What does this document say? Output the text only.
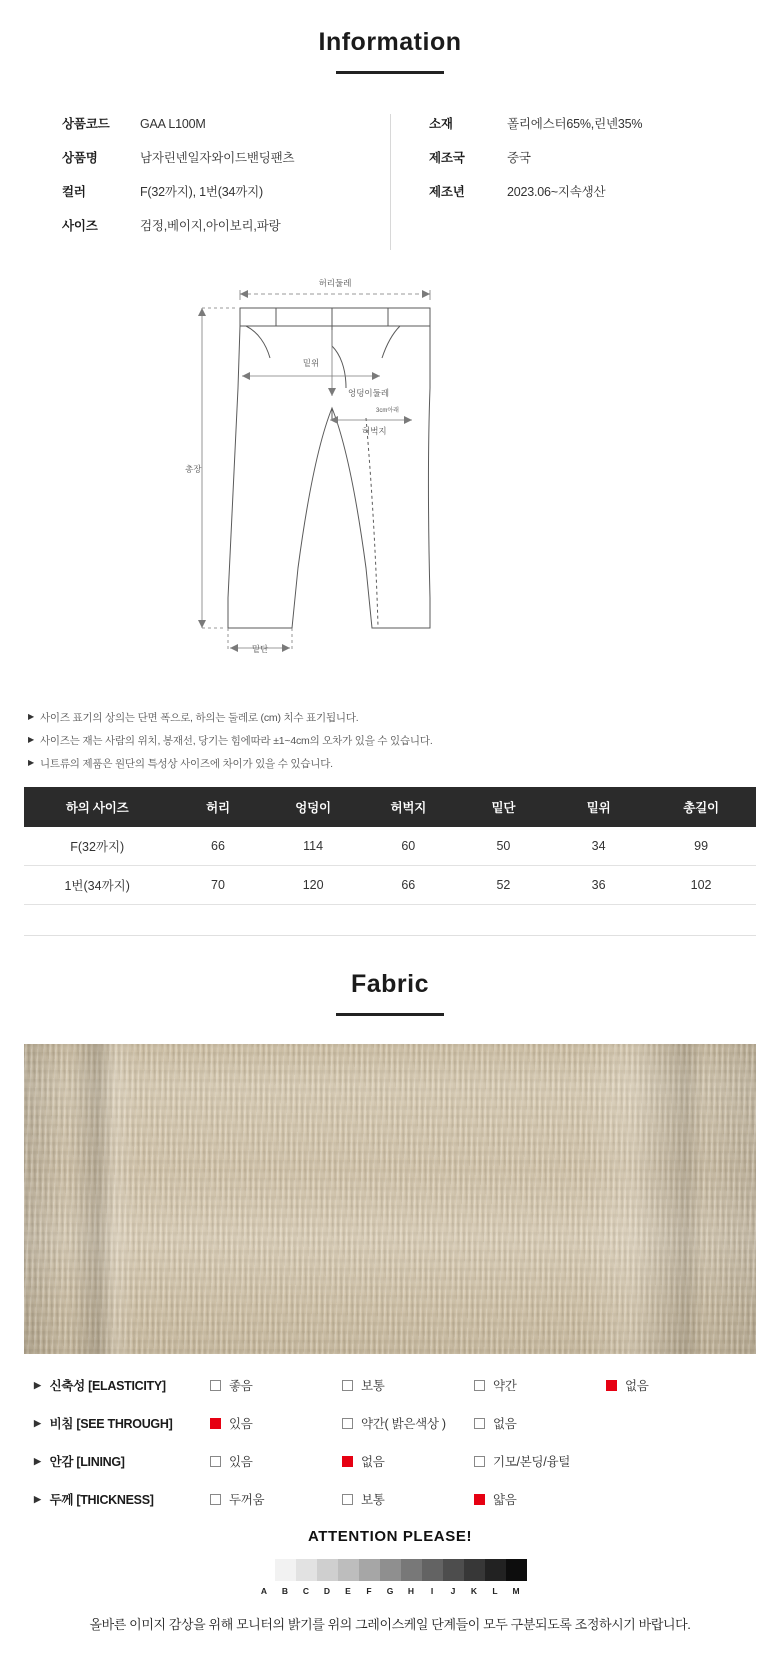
Information
상품코드	GAA L100M
상품명	남자린넨일자와이드밴딩팬츠
컬러	F(32까지), 1번(34까지)
사이즈	검정,베이지,아이보리,파랑
소재	폴리에스터65%,린넨35%
제조국	중국
제조년	2023.06~지속생산
허리둘레
밑위
엉덩이둘레
허벅지
3cm아래
총장
밑단
▶ 사이즈 표기의 상의는 단면 폭으로, 하의는 둘레로 (cm) 치수 표기됩니다.
▶ 사이즈는 재는 사람의 위치, 봉재선, 당기는 힘에따라 ±1~4cm의 오차가 있을 수 있습니다.
▶ 니트류의 제품은 원단의 특성상 사이즈에 차이가 있을 수 있습니다.
하의 사이즈	허리	엉덩이	허벅지	밑단	밑위	총길이
F(32까지)	66	114	60	50	34	99
1번(34까지)	70	120	66	52	36	102
Fabric
▶ 신축성 [ELASTICITY]	좋음	보통	약간	없음
▶ 비침 [SEE THROUGH]	있음	약간( 밝은색상 )	없음
▶ 안감 [LINING]	있음	없음	기모/본딩/융털
▶ 두께 [THICKNESS]	두꺼움	보통	얇음
ATTENTION PLEASE!
A	B	C	D	E	F	G	H	I	J	K	L	M
올바른 이미지 감상을 위해 모니터의 밝기를 위의 그레이스케일 단계들이 모두 구분되도록 조정하시기 바랍니다.
